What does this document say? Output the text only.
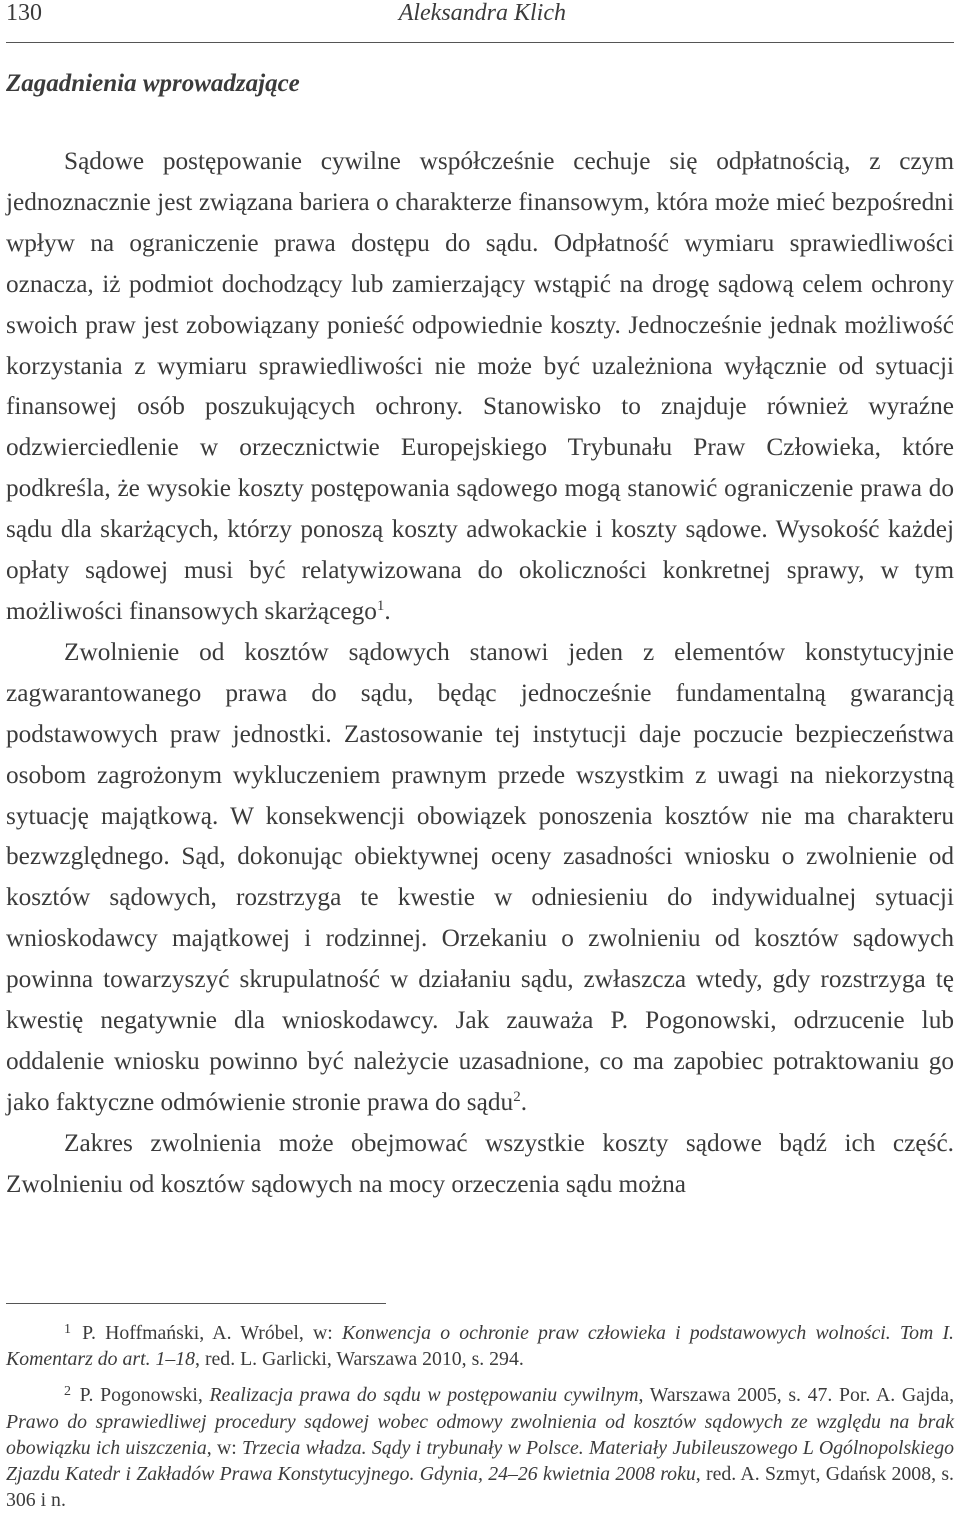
130	Aleksandra Klich
Zagadnienia wprowadzające

Sądowe postępowanie cywilne współcześnie cechuje się odpłatnością, z czym jednoznacznie jest związana bariera o charakterze finansowym, która może mieć bezpośredni wpływ na ograniczenie prawa dostępu do sądu. Odpłatność wymiaru sprawiedliwości oznacza, iż podmiot dochodzący lub zamierzający wstąpić na drogę sądową celem ochrony swoich praw jest zobowiązany ponieść odpowiednie koszty. Jednocześnie jednak możliwość korzystania z wymiaru sprawiedliwości nie może być uzależniona wyłącznie od sytuacji finansowej osób poszukujących ochrony. Stanowisko to znajduje również wyraźne odzwierciedlenie w orzecznictwie Europejskiego Trybunału Praw Człowieka, które podkreśla, że wysokie koszty postępowania sądowego mogą stanowić ograniczenie prawa do sądu dla skarżących, którzy ponoszą koszty adwokackie i koszty sądowe. Wysokość każdej opłaty sądowej musi być relatywizowana do okoliczności konkretnej sprawy, w tym możliwości finansowych skarżącego$^1$.

Zwolnienie od kosztów sądowych stanowi jeden z elementów konstytucyjnie zagwarantowanego prawa do sądu, będąc jednocześnie fundamentalną gwarancją podstawowych praw jednostki. Zastosowanie tej instytucji daje poczucie bezpieczeństwa osobom zagrożonym wykluczeniem prawnym przede wszystkim z uwagi na niekorzystną sytuację majątkową. W konsekwencji obowiązek ponoszenia kosztów nie ma charakteru bezwzględnego. Sąd, dokonując obiektywnej oceny zasadności wniosku o zwolnienie od kosztów sądowych, rozstrzyga te kwestie w odniesieniu do indywidualnej sytuacji wnioskodawcy majątkowej i rodzinnej. Orzekaniu o zwolnieniu od kosztów sądowych powinna towarzyszyć skrupulatność w działaniu sądu, zwłaszcza wtedy, gdy rozstrzyga tę kwestię negatywnie dla wnioskodawcy. Jak zauważa P. Pogonowski, odrzucenie lub oddalenie wniosku powinno być należycie uzasadnione, co ma zapobiec potraktowaniu go jako faktyczne odmówienie stronie prawa do sądu$^2$.

Zakres zwolnienia może obejmować wszystkie koszty sądowe bądź ich część. Zwolnieniu od kosztów sądowych na mocy orzeczenia sądu można

$^1$ P. Hoffmański, A. Wróbel, w: Konwencja o ochronie praw człowieka i podstawowych wolności. Tom I. Komentarz do art. 1–18, red. L. Garlicki, Warszawa 2010, s. 294.

$^2$ P. Pogonowski, Realizacja prawa do sądu w postępowaniu cywilnym, Warszawa 2005, s. 47. Por. A. Gajda, Prawo do sprawiedliwej procedury sądowej wobec odmowy zwolnienia od kosztów sądowych ze względu na brak obowiązku ich uiszczenia, w: Trzecia władza. Sądy i trybunały w Polsce. Materiały Jubileuszowego L Ogólnopolskiego Zjazdu Katedr i Zakładów Prawa Konstytucyjnego. Gdynia, 24–26 kwietnia 2008 roku, red. A. Szmyt, Gdańsk 2008, s. 306 i n.
